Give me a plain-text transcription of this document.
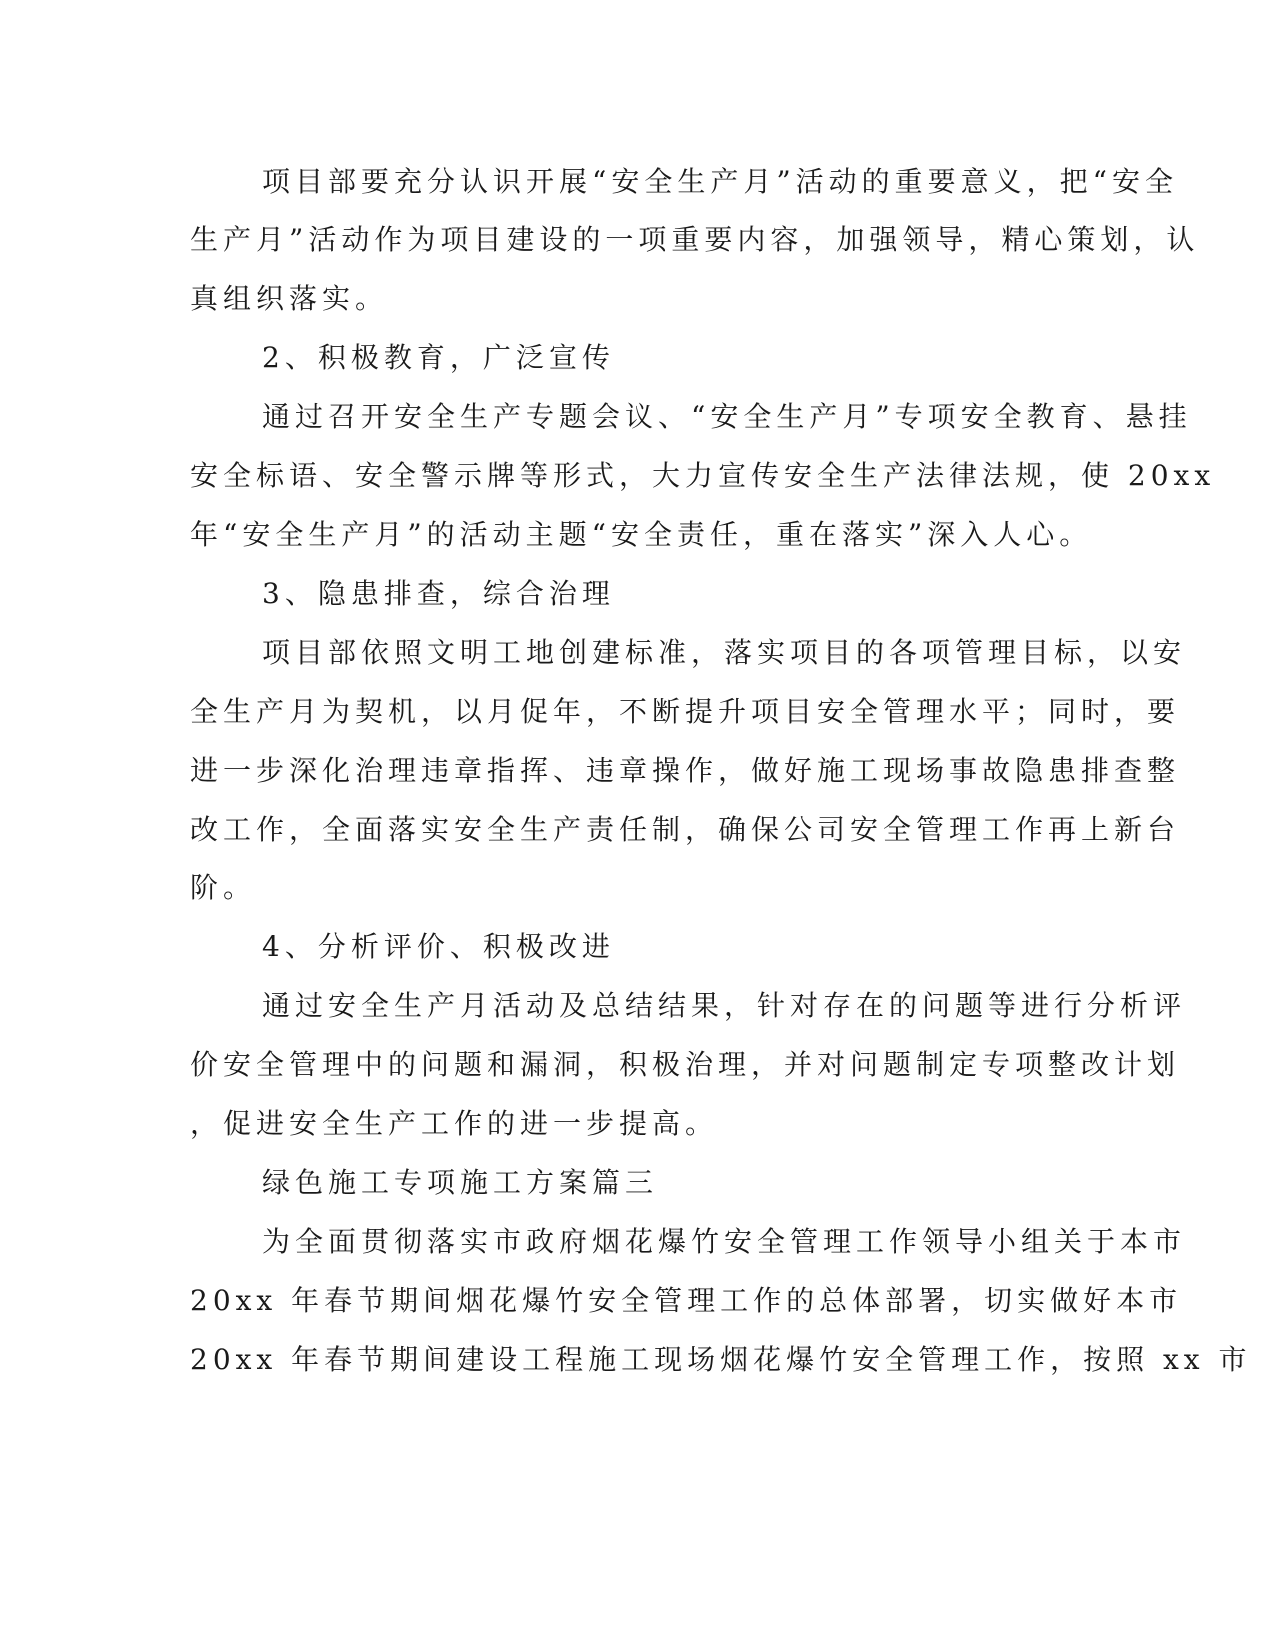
项目部要充分认识开展“安全生产月”活动的重要意义，把“安全
生产月”活动作为项目建设的一项重要内容，加强领导，精心策划，认
真组织落实。
2、积极教育，广泛宣传
通过召开安全生产专题会议、“安全生产月”专项安全教育、悬挂
安全标语、安全警示牌等形式，大力宣传安全生产法律法规，使 20xx
年“安全生产月”的活动主题“安全责任，重在落实”深入人心。
3、隐患排查，综合治理
项目部依照文明工地创建标准，落实项目的各项管理目标，以安
全生产月为契机，以月促年，不断提升项目安全管理水平；同时，要
进一步深化治理违章指挥、违章操作，做好施工现场事故隐患排查整
改工作，全面落实安全生产责任制，确保公司安全管理工作再上新台
阶。
4、分析评价、积极改进
通过安全生产月活动及总结结果，针对存在的问题等进行分析评
价安全管理中的问题和漏洞，积极治理，并对问题制定专项整改计划
，促进安全生产工作的进一步提高。
绿色施工专项施工方案篇三
为全面贯彻落实市政府烟花爆竹安全管理工作领导小组关于本市
20xx 年春节期间烟花爆竹安全管理工作的总体部署，切实做好本市
20xx 年春节期间建设工程施工现场烟花爆竹安全管理工作，按照 xx 市
